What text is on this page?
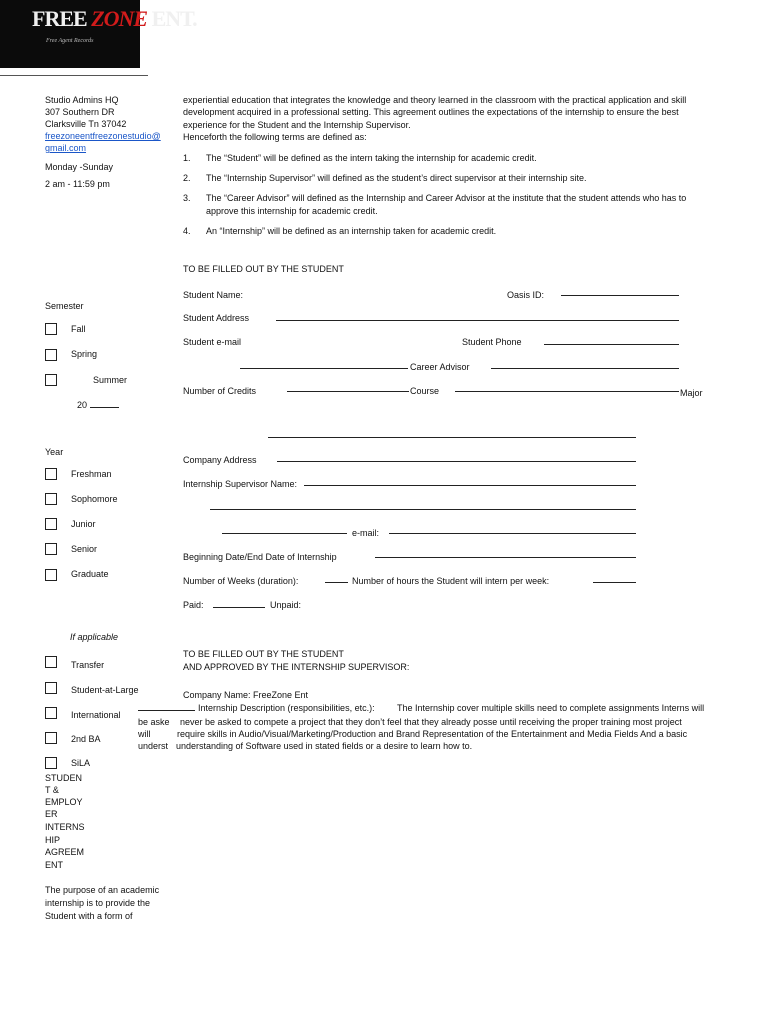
FREE ZONE ENT.
Free Agent Records
Studio Admins HQ
307 Southern DR
Clarksville Tn 37042
freezoneentfreezonestudio@
gmail.com
Monday -Sunday
2 am - 11:59 pm
experiential education that integrates the knowledge and theory learned in the classroom with the practical application and skill
development acquired in a professional setting. This agreement outlines the expectations of the internship to ensure the best
experience for the Student and the Internship Supervisor.
Henceforth the following terms are defined as:
1. The “Student” will be defined as the intern taking the internship for academic credit.
2. The “Internship Supervisor” will defined as the student’s direct supervisor at their internship site.
3. The “Career Advisor” will defined as the Internship and Career Advisor at the institute that the student attends who has to
approve this internship for academic credit.
4. An “Internship” will be defined as an internship taken for academic credit.
TO BE FILLED OUT BY THE STUDENT
Student Name:	Oasis ID:
Student Address
Student e-mail	Student Phone
Career Advisor
Number of Credits	Course	Major
Company Address
Internship Supervisor Name:
e-mail:
Beginning Date/End Date of Internship
Number of Weeks (duration):	Number of hours the Student will intern per week:
Paid:	Unpaid:
Semester
Fall
Spring
Summer
20
Year
Freshman
Sophomore
Junior
Senior
Graduate
If applicable
Transfer
Student-at-Large
International
2nd BA
SiLA
STUDEN
T &
EMPLOY
ER
INTERNS
HIP
AGREEM
ENT
The purpose of an academic
internship is to provide the
Student with a form of
TO BE FILLED OUT BY THE STUDENT
AND APPROVED BY THE INTERNSHIP SUPERVISOR:
Company Name: FreeZone Ent
Internship Description (responsibilities, etc.): The Internship cover multiple skills need to complete assignments Interns will
be aske never be asked to compete a project that they don’t feel that they already posse until receiving the proper training most project
will	require skills in Audio/Visual/Marketing/Production and Brand Representation of the Entertainment and Media Fields And a basic
underst understanding of Software used in stated fields or a desire to learn how to.
